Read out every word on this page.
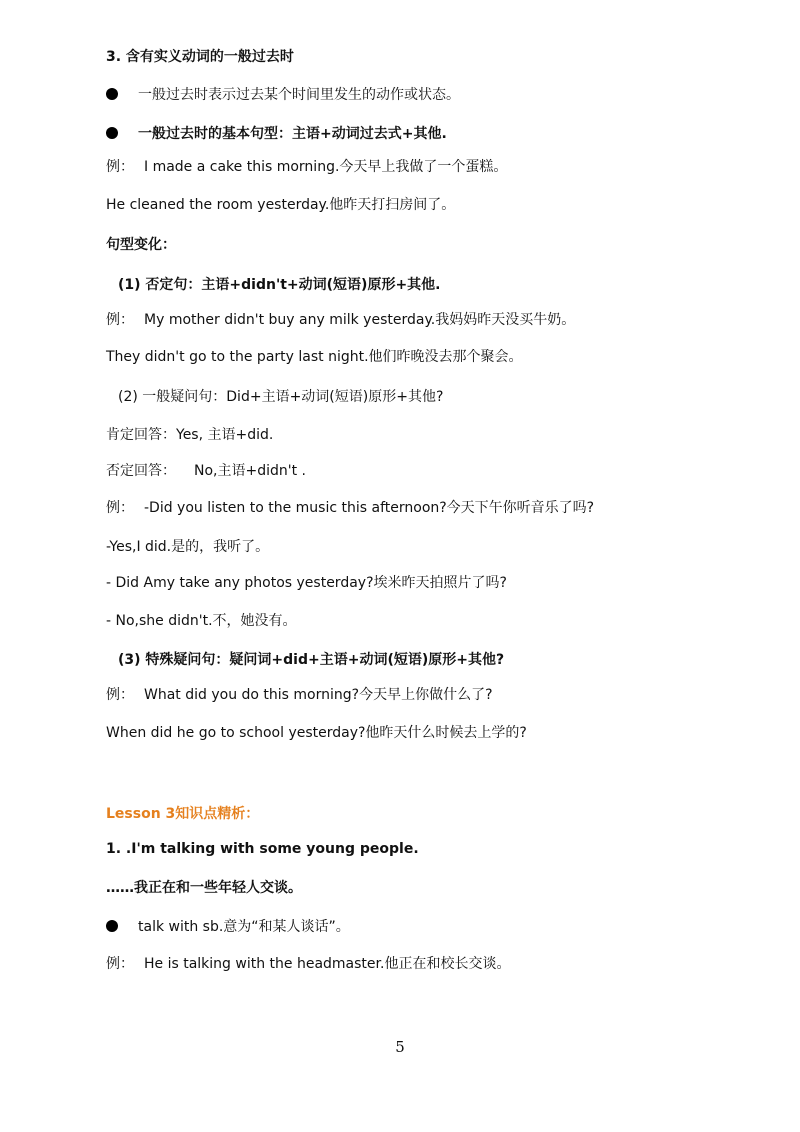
3. 含有实义动词的一般过去时
一般过去时表示过去某个时间里发生的动作或状态。
一般过去时的基本句型：主语+动词过去式+其他.
例： I made a cake this morning.今天早上我做了一个蛋糕。
He cleaned the room yesterday.他昨天打扫房间了。
句型变化：
(1) 否定句：主语+didn't+动词(短语)原形+其他.
例： My mother didn't buy any milk yesterday.我妈妈昨天没买牛奶。
They didn't go to the party last night.他们昨晚没去那个聚会。
(2) 一般疑问句：Did+主语+动词(短语)原形+其他?
肯定回答：Yes, 主语+did.
否定回答： No,主语+didn't .
例： -Did you listen to the music this afternoon?今天下午你听音乐了吗?
-Yes,I did.是的，我听了。
- Did Amy take any photos yesterday?埃米昨天拍照片了吗?
- No,she didn't.不，她没有。
(3) 特殊疑问句：疑问词+did+主语+动词(短语)原形+其他?
例： What did you do this morning?今天早上你做什么了?
When did he go to school yesterday?他昨天什么时候去上学的?
Lesson 3知识点精析：
1. .I'm talking with some young people.
……我正在和一些年轻人交谈。
talk with sb.意为“和某人谈话”。
例： He is talking with the headmaster.他正在和校长交谈。
5
